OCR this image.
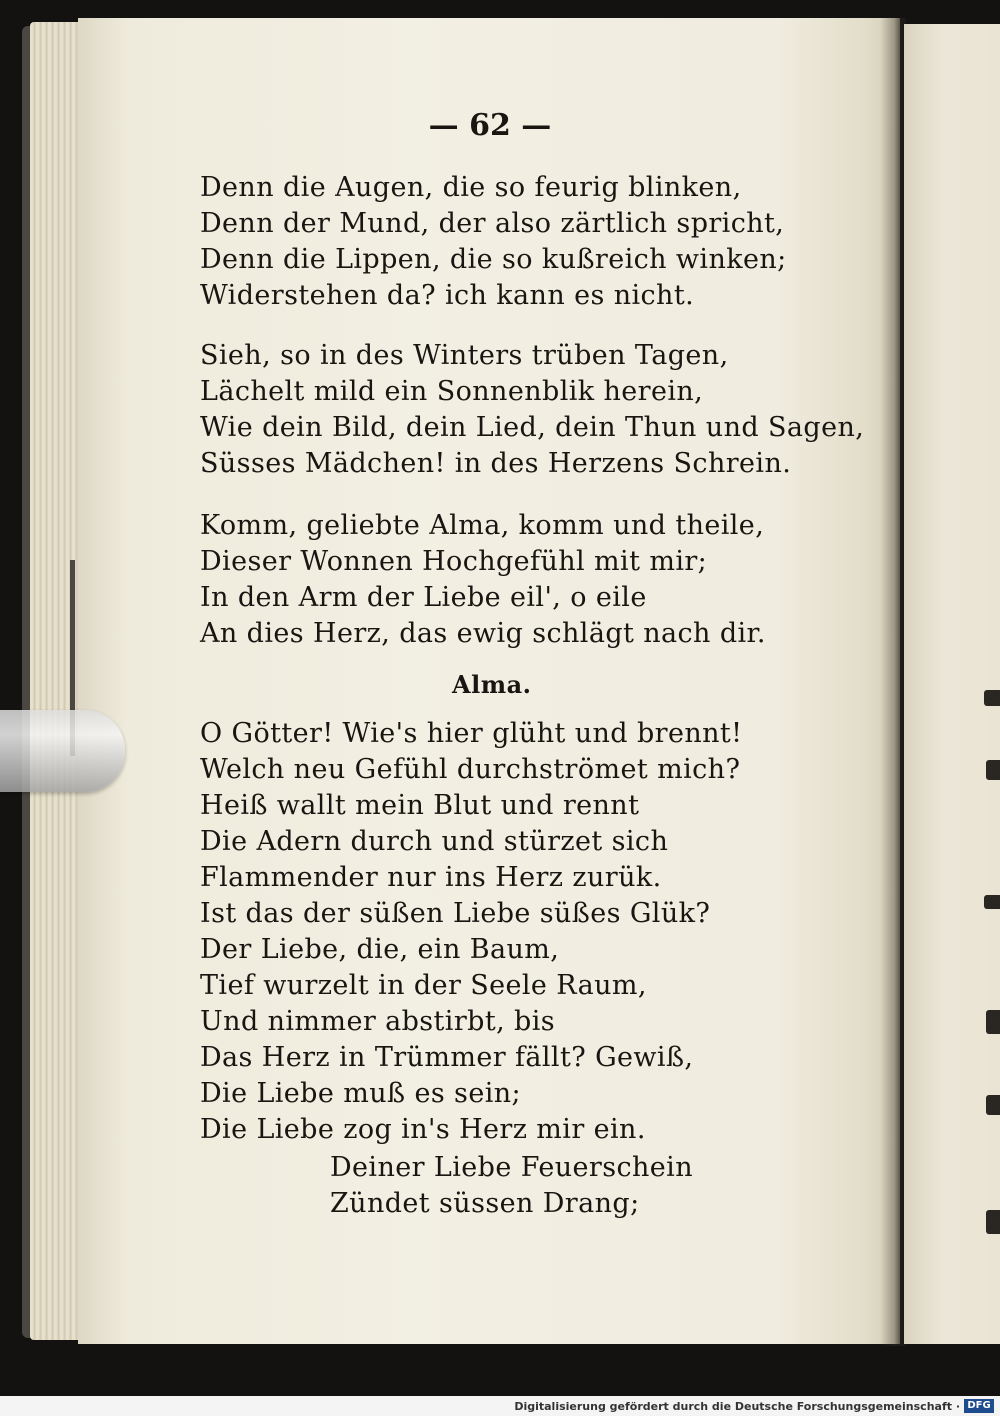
— 62 —
Denn die Augen, die so feurig blinken,
Denn der Mund, der also zärtlich spricht,
Denn die Lippen, die so kußreich winken;
Widerstehen da? ich kann es nicht.
Sieh, so in des Winters trüben Tagen,
Lächelt mild ein Sonnenblik herein,
Wie dein Bild, dein Lied, dein Thun und Sagen,
Süsses Mädchen! in des Herzens Schrein.
Komm, geliebte Alma, komm und theile,
Dieser Wonnen Hochgefühl mit mir;
In den Arm der Liebe eil', o eile
An dies Herz, das ewig schlägt nach dir.
Alma.
O Götter! Wie's hier glüht und brennt!
Welch neu Gefühl durchströmet mich?
Heiß wallt mein Blut und rennt
Die Adern durch und stürzet sich
Flammender nur ins Herz zurük.
Ist das der süßen Liebe süßes Glük?
Der Liebe, die, ein Baum,
Tief wurzelt in der Seele Raum,
Und nimmer abstirbt, bis
Das Herz in Trümmer fällt? Gewiß,
Die Liebe muß es sein;
Die Liebe zog in's Herz mir ein.
Deiner Liebe Feuerschein
Zündet süssen Drang;
Digitalisierung gefördert durch die Deutsche Forschungsgemeinschaft · DFG
